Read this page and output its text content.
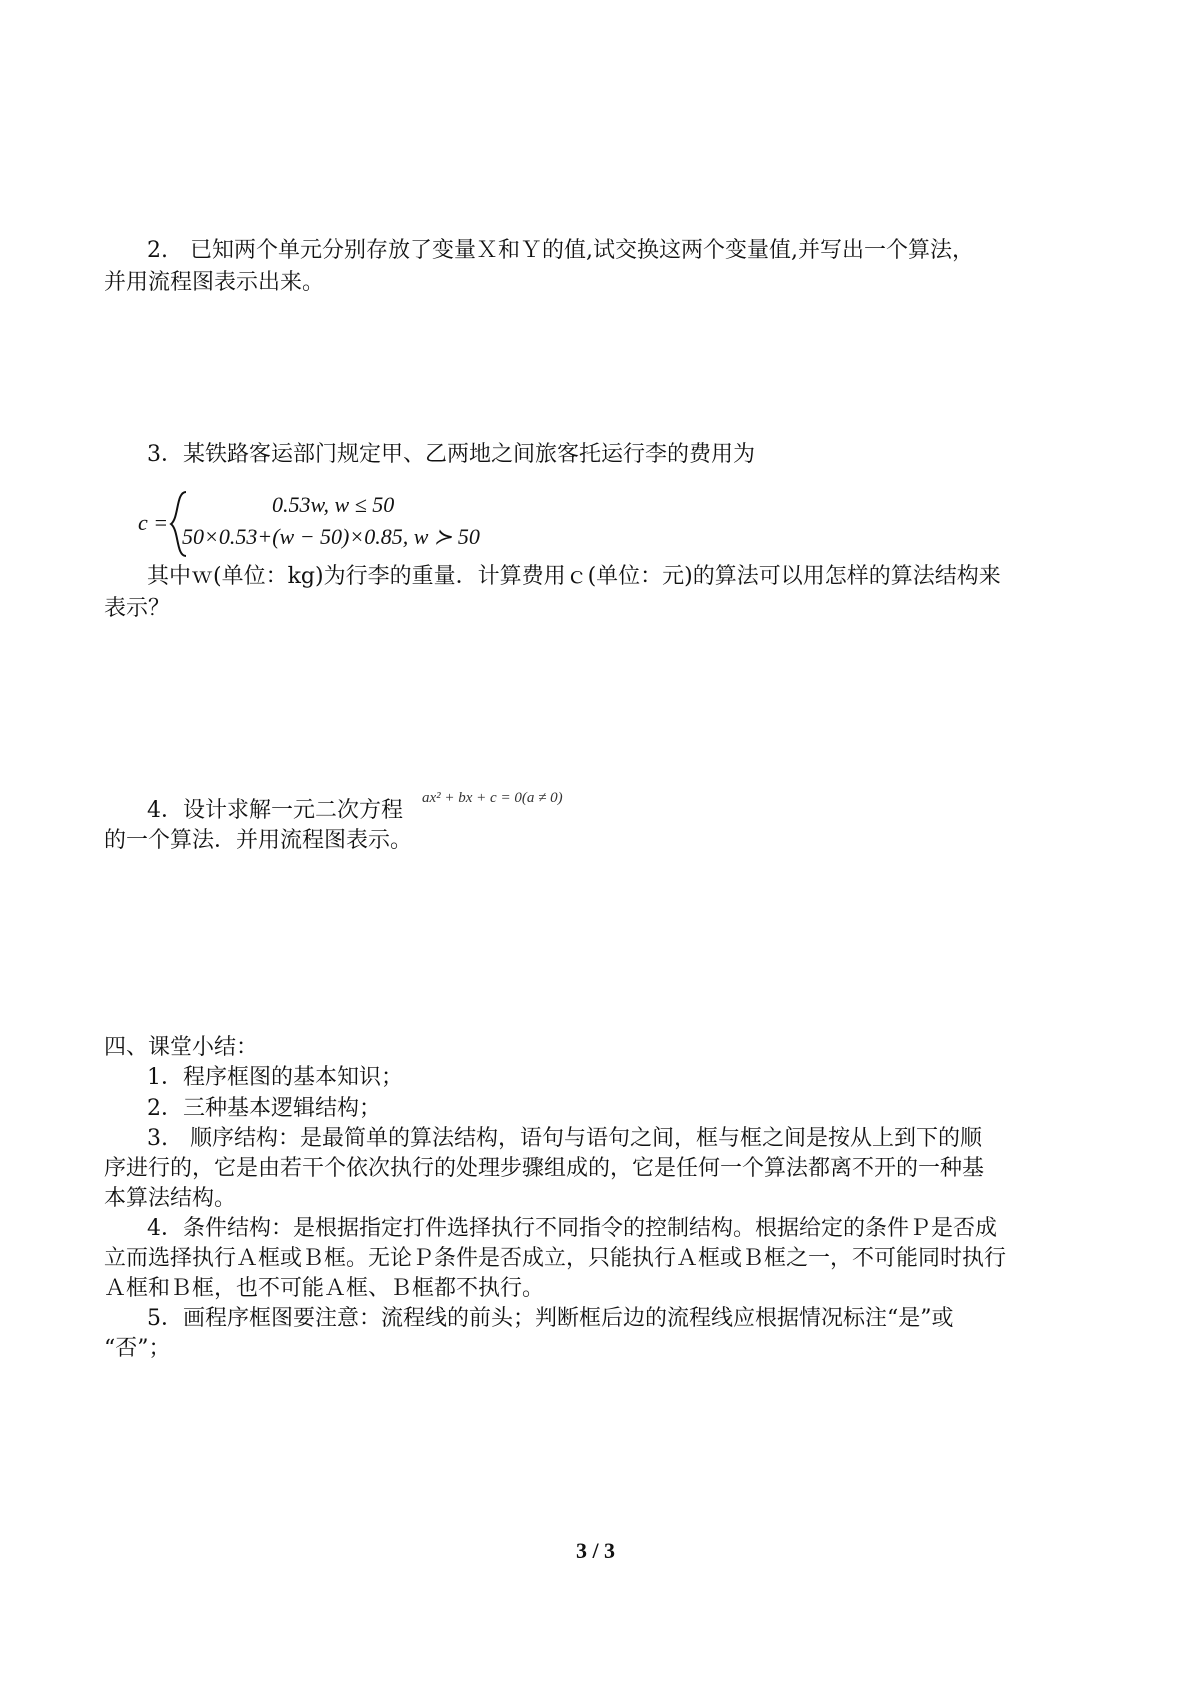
2.　已知两个单元分别存放了变量Ｘ和Ｙ的值,试交换这两个变量值,并写出一个算法，
并用流程图表示出来。
3．某铁路客运部门规定甲、乙两地之间旅客托运行李的费用为
c =
0.53w, w ≤ 50
50×0.53+(w − 50)×0.85, w ≻ 50
其中ｗ(单位：kg)为行李的重量．计算费用ｃ(单位：元)的算法可以用怎样的算法结构来
表示？
4．设计求解一元二次方程 ax² + bx + c = 0(a ≠ 0)
的一个算法．并用流程图表示。
四、课堂小结：
1．程序框图的基本知识；
2．三种基本逻辑结构；
3.　顺序结构：是最简单的算法结构，语句与语句之间，框与框之间是按从上到下的顺
序进行的，它是由若干个依次执行的处理步骤组成的，它是任何一个算法都离不开的一种基
本算法结构。
4．条件结构：是根据指定打件选择执行不同指令的控制结构。根据给定的条件Ｐ是否成
立而选择执行Ａ框或Ｂ框。无论Ｐ条件是否成立，只能执行Ａ框或Ｂ框之一，不可能同时执行
Ａ框和Ｂ框，也不可能Ａ框、Ｂ框都不执行。
5．画程序框图要注意：流程线的前头；判断框后边的流程线应根据情况标注“是”或
“否”；
3 / 3
